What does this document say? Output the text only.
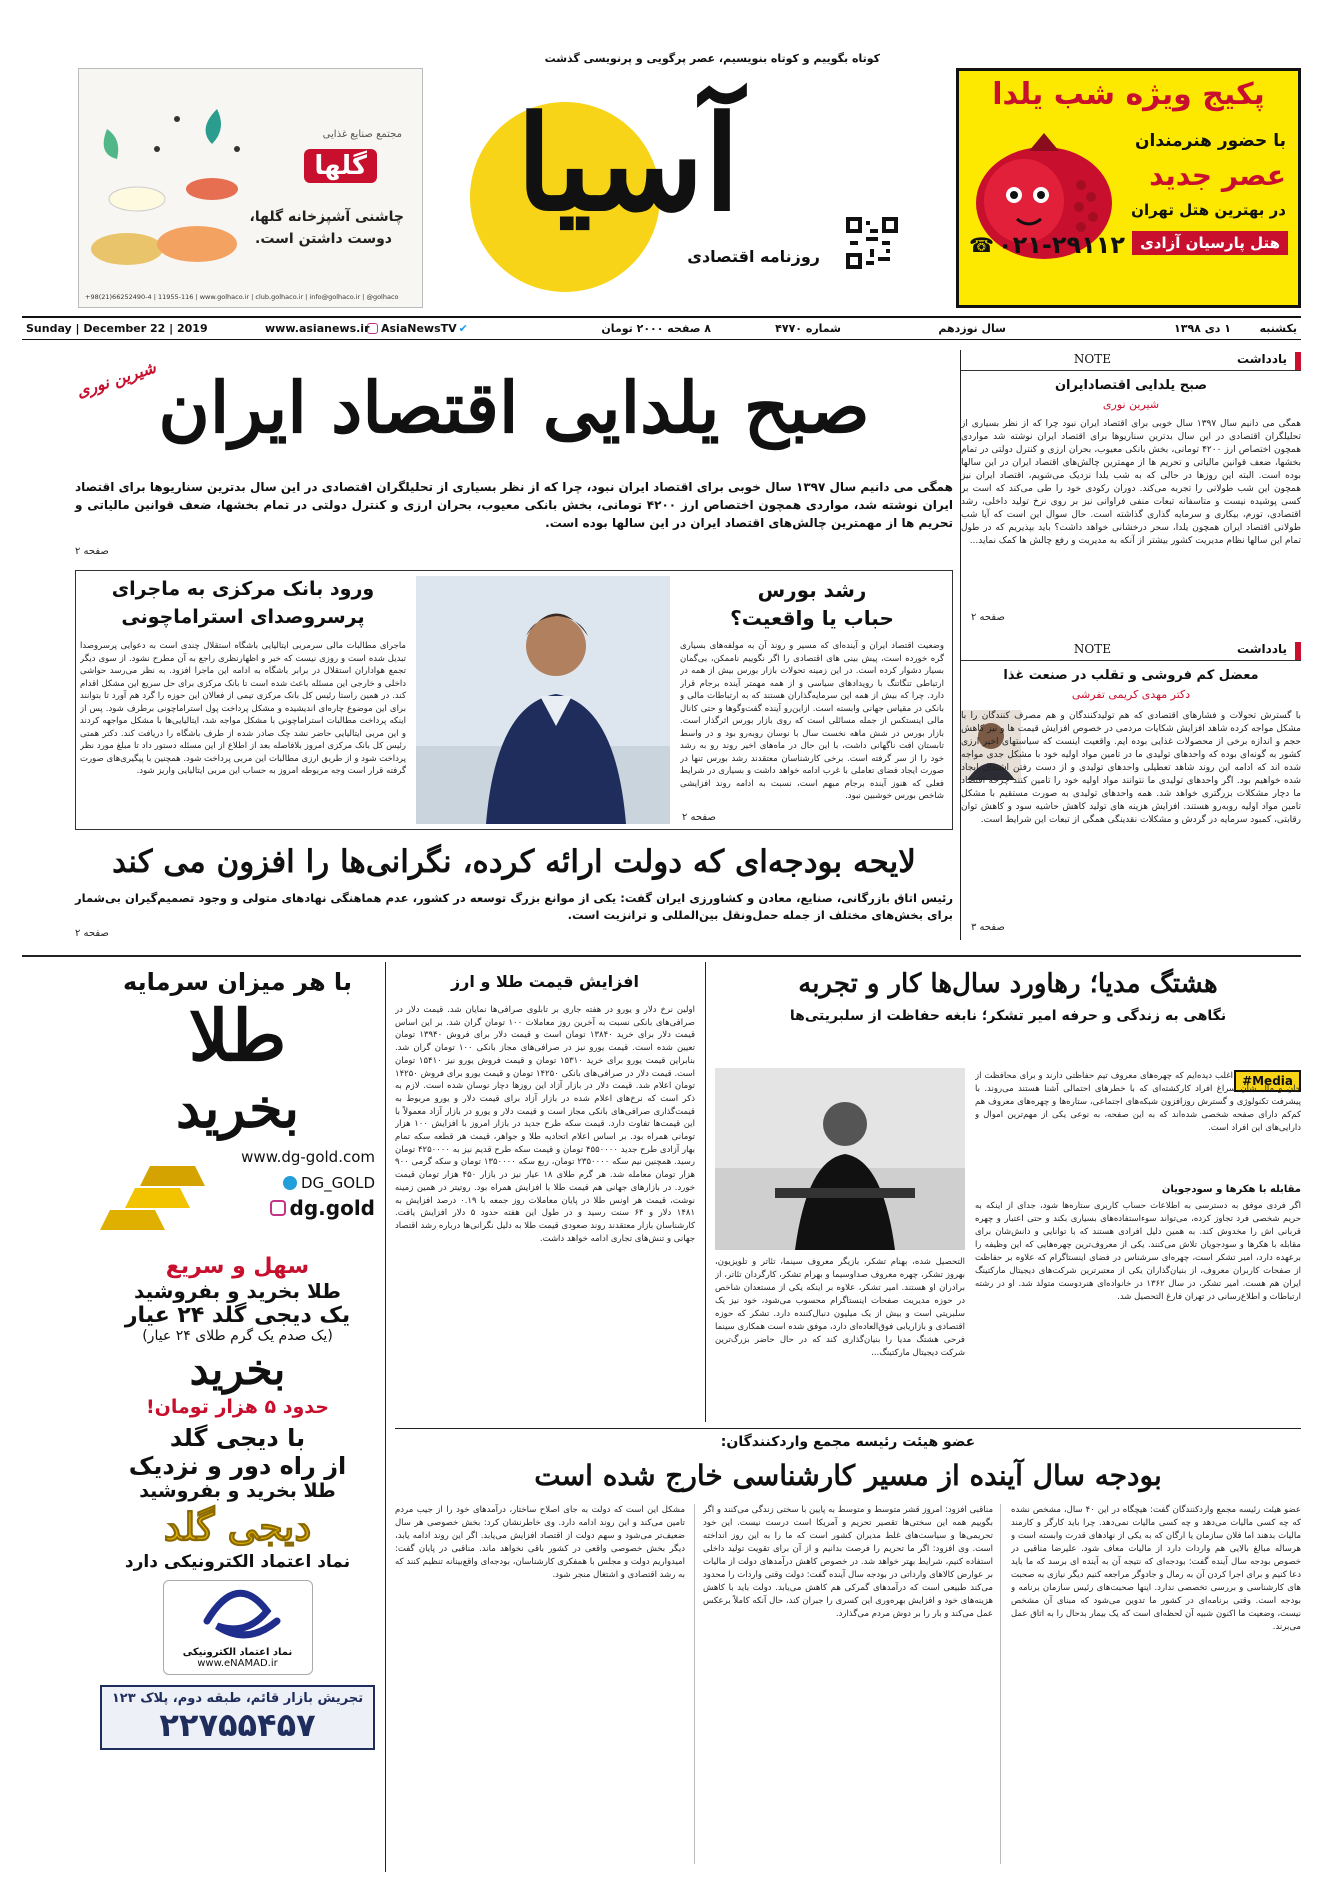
پکیج ویژه شب یلدا
با حضور هنرمندان
عصر جدید
در بهترین هتل تهران
هتل پارسیان آزادی
☎ ۰۲۱-۲۹۱۱۲
کوتاه بگوییم و کوتاه بنویسیم، عصر پرگویی و پرنویسی گذشت
آسیا
روزنامه اقتصادی
مجتمع صنایع غذایی
گلها
چاشنی آشپزخانه گلها،
دوست داشتن است.
+98(21)66252490-4 | 11955-116 | www.golhaco.ir | club.golhaco.ir | info@golhaco.ir | @golhaco
یکشنبه
۱ دی ۱۳۹۸
سال نوزدهم
شماره ۴۷۷۰
۸ صفحه ۲۰۰۰ تومان
AsiaNewsTV ✔
www.asianews.ir
Sunday | December 22 | 2019
یادداشت
NOTE
صبح یلدایی اقتصادایران
شیرین نوری
همگی می دانیم سال ۱۳۹۷ سال خوبی برای اقتصاد ایران نبود چرا که از نظر بسیاری از تحلیلگران اقتصادی در این سال بدترین سناریوها برای اقتصاد ایران نوشته شد مواردی همچون اختصاص ارز ۴۲۰۰ تومانی، بخش بانکی معیوب، بحران ارزی و کنترل دولتی در تمام بخشها، ضعف قوانین مالیاتی و تحریم ها از مهمترین چالش‌های اقتصاد ایران در این سالها بوده است. البته این روزها در حالی که به شب یلدا نزدیک می‌شویم، اقتصاد ایران نیز همچون این شب طولانی را تجربه می‌کند. دوران رکودی خود را طی می‌کند که است بر کسی پوشیده نیست و متاسفانه تبعات منفی فراوانی نیز بر روی نرخ تولید داخلی، رشد اقتصادی، تورم، بیکاری و سرمایه گذاری گذاشته است. حال سوال این است که آیا شب طولانی اقتصاد ایران همچون یلدا، سحر درخشانی خواهد داشت؟ باید بپذیریم که در طول تمام این سالها نظام مدیریت کشور بیشتر از آنکه به مدیریت و رفع چالش ها کمک نماید...
صفحه ۲
یادداشت
NOTE
معضل کم فروشی و تقلب در صنعت غذا
دکتر مهدی کریمی تفرشی
با گسترش تحولات و فشارهای اقتصادی که هم تولیدکنندگان و هم مصرف کنندگان را با مشکل مواجه کرده شاهد افزایش شکایات مردمی در خصوص افزایش قیمت ها و نیز کاهش حجم و اندازه برخی از محصولات غذایی بوده ایم. واقعیت اینست که سیاستهای اخیر ارزی کشور به گونه‌ای بوده که واحدهای تولیدی ما در تامین مواد اولیه خود با مشکل جدی مواجه شده اند که ادامه این روند شاهد تعطیلی واحدهای تولیدی و از دست رفتن اشتغال ایجاد شده خواهیم بود. اگر واحدهای تولیدی ما نتوانند مواد اولیه خود را تامین کنند چرخه اقتصاد ما دچار مشکلات بزرگتری خواهد شد. همه واحدهای تولیدی به صورت مستقیم با مشکل تامین مواد اولیه روبه‌رو هستند. افزایش هزینه های تولید کاهش حاشیه سود و کاهش توان رقابتی، کمبود سرمایه در گردش و مشکلات نقدینگی همگی از تبعات این شرایط است.
صفحه ۳
شیرین نوری صبح یلدایی اقتصاد ایران
همگی می دانیم سال ۱۳۹۷ سال خوبی برای اقتصاد ایران نبود، چرا که از نظر بسیاری از تحلیلگران اقتصادی در این سال بدترین سناریوها برای اقتصاد ایران نوشته شد، مواردی همچون اختصاص ارز ۴۲۰۰ تومانی، بخش بانکی معیوب، بحران ارزی و کنترل دولتی در تمام بخشها، ضعف قوانین مالیاتی و تحریم ها از مهمترین چالش‌های اقتصاد ایران در این سالها بوده است.
صفحه ۲
رشد بورس
حباب یا واقعیت؟
وضعیت اقتصاد ایران و آینده‌ای که مسیر و روند آن به مولفه‌های بسیاری گره خورده است، پیش بینی های اقتصادی را اگر نگوییم ناممکن، بی‌گمان بسیار دشوار کرده است. در این زمینه تحولات بازار بورس بیش از همه در ارتباطی تنگاتنگ با رویدادهای سیاسی و از همه مهمتر آینده برجام قرار دارد. چرا که بیش از همه این سرمایه‌گذاران هستند که به ارتباطات مالی و بانکی در مقیاس جهانی وابسته است. ازاین‌رو آینده گفت‌وگوها و حتی کانال مالی اینستکس از جمله مسائلی است که روی بازار بورس اثرگذار است. بازار بورس در شش ماهه نخست سال با نوسان روبه‌رو بود و در واسط تابستان افت ناگهانی داشت، با این حال در ماه‌های اخیر روند رو به رشد خود را از سر گرفته است. برخی کارشناسان معتقدند رشد بورس تنها در صورت ایجاد فضای تعاملی با غرب ادامه خواهد داشت و بسیاری در شرایط فعلی که هنوز آینده برجام مبهم است، نسبت به ادامه روند افزایشی شاخص بورس خوشبین نبود.
صفحه ۲
ورود بانک مرکزی به ماجرای
پرسروصدای استراماچونی
ماجرای مطالبات مالی سرمربی ایتالیایی باشگاه استقلال چندی است به دعوایی پرسروصدا تبدیل شده است و روزی نیست که خبر و اظهارنظری راجع به آن مطرح نشود. از سوی دیگر تجمع هواداران استقلال در برابر باشگاه به ادامه این ماجرا افزود. به نظر می‌رسد حواشی داخلی و خارجی این مسئله باعث شده است تا بانک مرکزی برای حل سریع این مشکل اقدام کند. در همین راستا رئیس کل بانک مرکزی تیمی از فعالان این حوزه را گرد هم آورد تا بتوانند برای این موضوع چاره‌ای اندیشیده و مشکل پرداخت پول استراماچونی برطرف شود. پس از اینکه پرداخت مطالبات استراماچونی با مشکل مواجه شد، ایتالیایی‌ها با مشکل مواجهه کردند و این مربی ایتالیایی حاضر نشد چک صادر شده از طرف باشگاه را دریافت کند. دکتر همتی رئیس کل بانک مرکزی امروز بلافاصله بعد از اطلاع از این مسئله دستور داد تا مبلغ مورد نظر پرداخت شود و از طریق ارزی مطالبات این مربی پرداخت شود. همچنین با پیگیری‌های صورت گرفته قرار است وجه مربوطه امروز به حساب این مربی ایتالیایی واریز شود.
لایحه بودجه‌ای که دولت ارائه کرده، نگرانی‌ها را افزون می کند
رئیس اتاق بازرگانی، صنایع، معادن و کشاورزی ایران گفت: یکی از موانع بزرگ توسعه در کشور، عدم هماهنگی نهادهای متولی و وجود تصمیم‌گیران بی‌شمار برای بخش‌های مختلف از جمله حمل‌ونقل بین‌المللی و ترانزیت است.
صفحه ۲
با هر میزان سرمایه
طلا
بخرید
www.dg-gold.com
DG_GOLD
dg.gold
سهل و سریع
طلا بخرید و بفروشید
یک دیجی گلد ۲۴ عیار
(یک صدم یک گرم طلای ۲۴ عیار)
بخرید
حدود ۵ هزار تومان!
با دیجی گلد
از راه دور و نزدیک
طلا بخرید و بفروشید
دیجی گلد
نماد اعتماد الکترونیکی دارد
نماد اعتماد الکترونیکی
www.eNAMAD.ir
تجریش بازار قائم، طبقه دوم، پلاک ۱۲۳
۲۲۷۵۵۴۵۷
افزایش قیمت طلا و ارز
اولین نرخ دلار و یورو در هفته جاری بر تابلوی صرافی‌ها نمایان شد. قیمت دلار در صرافی‌های بانکی نسبت به آخرین روز معاملات ۱۰۰ تومان گران شد. بر این اساس قیمت دلار برای خرید ۱۳۸۴۰ تومان است و قیمت دلار برای فروش ۱۳۹۴۰ تومان تعیین شده است. قیمت یورو نیز در صرافی‌های مجاز بانکی ۱۰۰ تومان گران شد. بنابراین قیمت یورو برای خرید ۱۵۳۱۰ تومان و قیمت فروش یورو نیز ۱۵۴۱۰ تومان است. قیمت دلار در صرافی‌های بانکی ۱۴۲۵۰ تومان و قیمت یورو برای فروش ۱۴۲۵۰ تومان اعلام شد. قیمت دلار در بازار آزاد این روزها دچار نوسان شده است. لازم به ذکر است که نرخ‌های اعلام شده در بازار آزاد برای قیمت دلار و یورو مربوط به قیمت‌گذاری صرافی‌های بانکی مجاز است و قیمت دلار و یورو در بازار آزاد معمولاً با این قیمت‌ها تفاوت دارد. قیمت سکه طرح جدید در بازار امروز با افزایش ۱۰۰ هزار تومانی همراه بود. بر اساس اعلام اتحادیه طلا و جواهر، قیمت هر قطعه سکه تمام بهار آزادی طرح جدید ۴۵۵۰۰۰۰ تومان و قیمت سکه طرح قدیم نیز به ۴۲۵۰۰۰۰ تومان رسید. همچنین نیم سکه ۲۳۵۰۰۰۰ تومان، ربع سکه ۱۳۵۰۰۰۰ تومان و سکه گرمی ۹۰۰ هزار تومان معامله شد. هر گرم طلای ۱۸ عیار نیز در بازار ۴۵۰ هزار تومان قیمت خورد. در بازارهای جهانی هم قیمت طلا با افزایش همراه بود. روتیتر در همین زمینه نوشت، قیمت هر اونس طلا در پایان معاملات روز جمعه با ۰.۱۹ درصد افزایش به ۱۴۸۱ دلار و ۶۴ سنت رسید و در طول این هفته حدود ۵ دلار افزایش یافت. کارشناسان بازار معتقدند روند صعودی قیمت طلا به دلیل نگرانی‌ها درباره رشد اقتصاد جهانی و تنش‌های تجاری ادامه خواهد داشت.
هشتگ مدیا؛ رهاورد سال‌ها کار و تجربه
نگاهی به زندگی و حرفه امیر تشکر؛ نابغه حفاظت از سلبریتی‌ها
#Media
اغلب دیده‌ایم که چهره‌های معروف تیم حفاظتی دارند و برای محافظت از جان و مال شان سراغ افراد کارکشته‌ای که با خطرهای احتمالی آشنا هستند می‌روند. با پیشرفت تکنولوژی و گسترش روزافزون شبکه‌های اجتماعی، ستاره‌ها و چهره‌های معروف هم کم‌کم دارای صفحه شخصی شده‌اند که به این صفحه، به نوعی یکی از مهم‌ترین اموال و دارایی‌های این افراد است.
مقابله با هکرها و سودجویان
اگر فردی موفق به دسترسی به اطلاعات حساب کاربری ستاره‌ها شود، جدای از اینکه به حریم شخصی فرد تجاوز کرده، می‌تواند سوءاستفاده‌های بسیاری بکند و حتی اعتبار و چهره قربانی اش را مخدوش کند. به همین دلیل افرادی هستند که با توانایی و دانش‌شان برای مقابله با هکرها و سودجویان تلاش می‌کنند. یکی از معروف‌ترین چهره‌هایی که این وظیفه را برعهده دارد، امیر تشکر است، چهره‌ای سرشناس در فضای اینستاگرام که علاوه بر حفاظت از صفحات کاربران معروف، از بنیان‌گذاران یکی از معتبرترین شرکت‌های دیجیتال مارکتینگ ایران هم هست. امیر تشکر، در سال ۱۳۶۲ در خانواده‌ای هنردوست متولد شد. او در رشته ارتباطات و اطلاع‌رسانی در تهران فارغ التحصیل شد.
التحصیل شده، بهنام تشکر، بازیگر معروف سینما، تئاتر و تلویزیون، بهروز تشکر، چهره معروف صداوسیما و بهرام تشکر، کارگردان تئاتر، از برادران او هستند. امیر تشکر، علاوه بر اینکه یکی از مستعدان شاخص در حوزه مدیریت صفحات اینستاگرام محسوب می‌شود، خود نیز یک سلبریتی است و بیش از یک میلیون دنبال‌کننده دارد. تشکر که حوزه اقتصادی و بازاریابی فوق‌العاده‌ای دارد، موفق شده است همکاری سینما فرحی هشتگ مدیا را بنیان‌گذاری کند که در حال حاضر بزرگ‌ترین شرکت دیجیتال مارکتینگ...
عضو هیئت رئیسه مجمع واردکنندگان:
بودجه سال آینده از مسیر کارشناسی خارج شده است
عضو هیئت رئیسه مجمع واردکنندگان گفت: هیچگاه در این ۴۰ سال، مشخص نشده که چه کسی مالیات می‌دهد و چه کسی مالیات نمی‌دهد. چرا باید کارگر و کارمند مالیات بدهند اما فلان سازمان یا ارگان که به یکی از نهادهای قدرت وابسته است و هرساله مبالغ بالایی هم واردات دارد از مالیات معاف شود. علیرضا مناقبی در خصوص بودجه سال آینده گفت: بودجه‌ای که نتیجه آن به آینده ای برسد که ما باید دعا کنیم و برای اجرا کردن آن به رمال و جادوگر مراجعه کنیم دیگر نیازی به صحبت های کارشناسی و بررسی تخصصی ندارد. اینها صحبت‌های رئیس سازمان برنامه و بودجه است. وقتی برنامه‌ای در کشور ما تدوین می‌شود که مبنای آن مشخص نیست، وضعیت ما اکنون شبیه آن لحظه‌ای است که یک بیمار بدحال را به اتاق عمل می‌برند.
مناقبی افزود: امروز قشر متوسط و متوسط به پایین با سختی زندگی می‌کنند و اگر بگوییم همه این سختی‌ها تقصیر تحریم و آمریکا است درست نیست. این خود تحریمی‌ها و سیاست‌های غلط مدیران کشور است که ما را به این روز انداخته است. وی افزود: اگر ما تحریم را فرصت بدانیم و از آن برای تقویت تولید داخلی استفاده کنیم، شرایط بهتر خواهد شد. در خصوص کاهش درآمدهای دولت از مالیات بر عوارض کالاهای وارداتی در بودجه سال آینده گفت: دولت وقتی واردات را محدود می‌کند طبیعی است که درآمدهای گمرکی هم کاهش می‌یابد. دولت باید با کاهش هزینه‌های خود و افزایش بهره‌وری این کسری را جبران کند، حال آنکه کاملاً برعکس عمل می‌کند و بار را بر دوش مردم می‌گذارد.
مشکل این است که دولت به جای اصلاح ساختار، درآمدهای خود را از جیب مردم تامین می‌کند و این روند ادامه دارد. وی خاطرنشان کرد: بخش خصوصی هر سال ضعیف‌تر می‌شود و سهم دولت از اقتصاد افزایش می‌یابد. اگر این روند ادامه یابد، دیگر بخش خصوصی واقعی در کشور باقی نخواهد ماند. مناقبی در پایان گفت: امیدواریم دولت و مجلس با همفکری کارشناسان، بودجه‌ای واقع‌بینانه تنظیم کنند که به رشد اقتصادی و اشتغال منجر شود.
